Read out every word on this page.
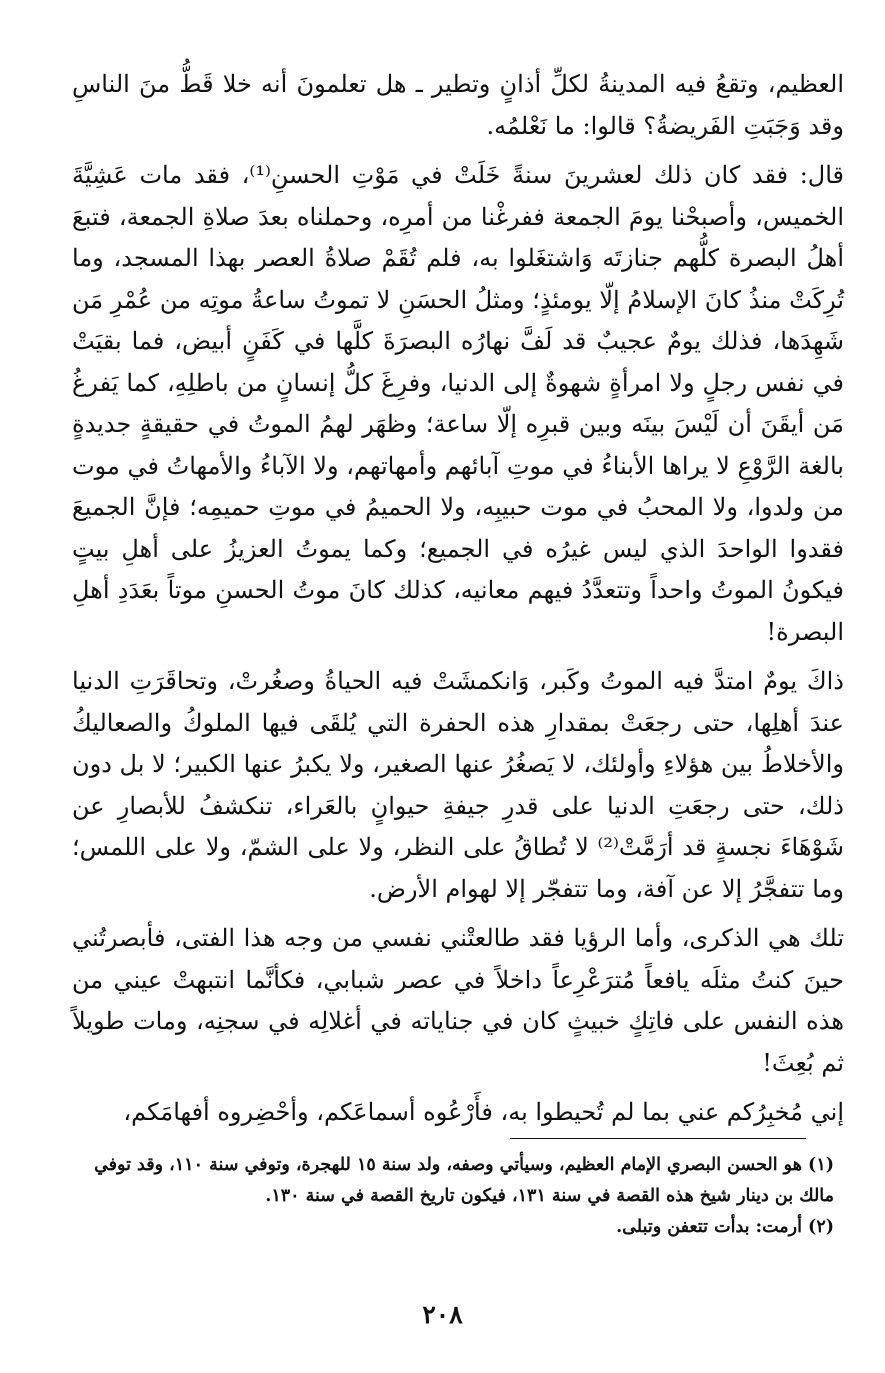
العظيم، وتقعُ فيه المدينةُ لكلِّ أذانٍ وتطير ـ هل تعلمونَ أنه خلا قَطُّ منَ الناسِ وقد وَجَبَتِ الفَريضةُ؟ قالوا: ما نَعْلمُه.

قال: فقد كان ذلك لعشرينَ سنةً خَلَتْ في مَوْتِ الحسنِ⁽¹⁾، فقد مات عَشِيَّةَ الخميس، وأصبحْنا يومَ الجمعة ففرغْنا من أمرِه، وحملناه بعدَ صلاةِ الجمعة، فتبعَ أهلُ البصرة كلُّهم جنازتَه وَاشتغَلوا به، فلم تُقَمْ صلاةُ العصر بهذا المسجد، وما تُرِكَتْ منذُ كانَ الإسلامُ إلّا يومئذٍ؛ ومثلُ الحسَنِ لا تموتُ ساعةُ موتِه من عُمْرِ مَن شَهِدَها، فذلك يومٌ عجيبٌ قد لَفَّ نهارُه البصرَةَ كلَّها في كَفَنٍ أبيض، فما بقيَتْ في نفس رجلٍ ولا امرأةٍ شهوةٌ إلى الدنيا، وفرِغَ كلُّ إنسانٍ من باطلِهِ، كما يَفرغُ مَن أيقَنَ أن لَيْسَ بينَه وبين قبرِه إلّا ساعة؛ وظهَر لهمُ الموتُ في حقيقةٍ جديدةٍ بالغة الرَّوْعِ لا يراها الأبناءُ في موتِ آبائهم وأمهاتهم، ولا الآباءُ والأمهاتُ في موت من ولدوا، ولا المحبُ في موت حبيبِه، ولا الحميمُ في موتِ حميمِه؛ فإنَّ الجميعَ فقدوا الواحدَ الذي ليس غيرُه في الجميع؛ وكما يموتُ العزيزُ على أهلِ بيتٍ فيكونُ الموتُ واحداً وتتعدَّدُ فيهم معانيه، كذلك كانَ موتُ الحسنِ موتاً بعَدَدِ أهلِ البصرة!

ذاكَ يومٌ امتدَّ فيه الموتُ وكَبر، وَانكمشَتْ فيه الحياةُ وصغُرتْ، وتحاقَرَتِ الدنيا عندَ أهلِها، حتى رجعَتْ بمقدارِ هذه الحفرة التي يُلقَى فيها الملوكُ والصعاليكُ والأخلاطُ بين هؤلاءِ وأولئك، لا يَصغُرُ عنها الصغير، ولا يكبرُ عنها الكبير؛ لا بل دون ذلك، حتى رجعَتِ الدنيا على قدرِ جيفةِ حيوانٍ بالعَراء، تنكشفُ للأبصارِ عن شَوْهَاءَ نجسةٍ قد أرَمَّتْ⁽²⁾ لا تُطاقُ على النظر، ولا على الشمّ، ولا على اللمس؛ وما تتفجَّرُ إلا عن آفة، وما تتفجّر إلا لهوام الأرض.

تلك هي الذكرى، وأما الرؤيا فقد طالعتْني نفسي من وجه هذا الفتى، فأبصرتُني حينَ كنتُ مثلَه يافعاً مُترَعْرِعاً داخلاً في عصر شبابي، فكأنَّما انتبهتْ عيني من هذه النفس على فاتِكٍ خبيثٍ كان في جناياته في أغلالِه في سجنِه، ومات طويلاً ثم بُعِثَ!

إني مُخبِرُكم عني بما لم تُحيطوا به، فأَرْعُوه أسماعَكم، وأحْضِروه أفهامَكم،

(١) هو الحسن البصري الإمام العظيم، وسيأتي وصفه، ولد سنة ١٥ للهجرة، وتوفي سنة ١١٠، وقد توفي مالك بن دينار شيخ هذه القصة في سنة ١٣١، فيكون تاريخ القصة في سنة ١٣٠.

(٢) أرمت: بدأت تتعفن وتبلى.

٢٠٨
